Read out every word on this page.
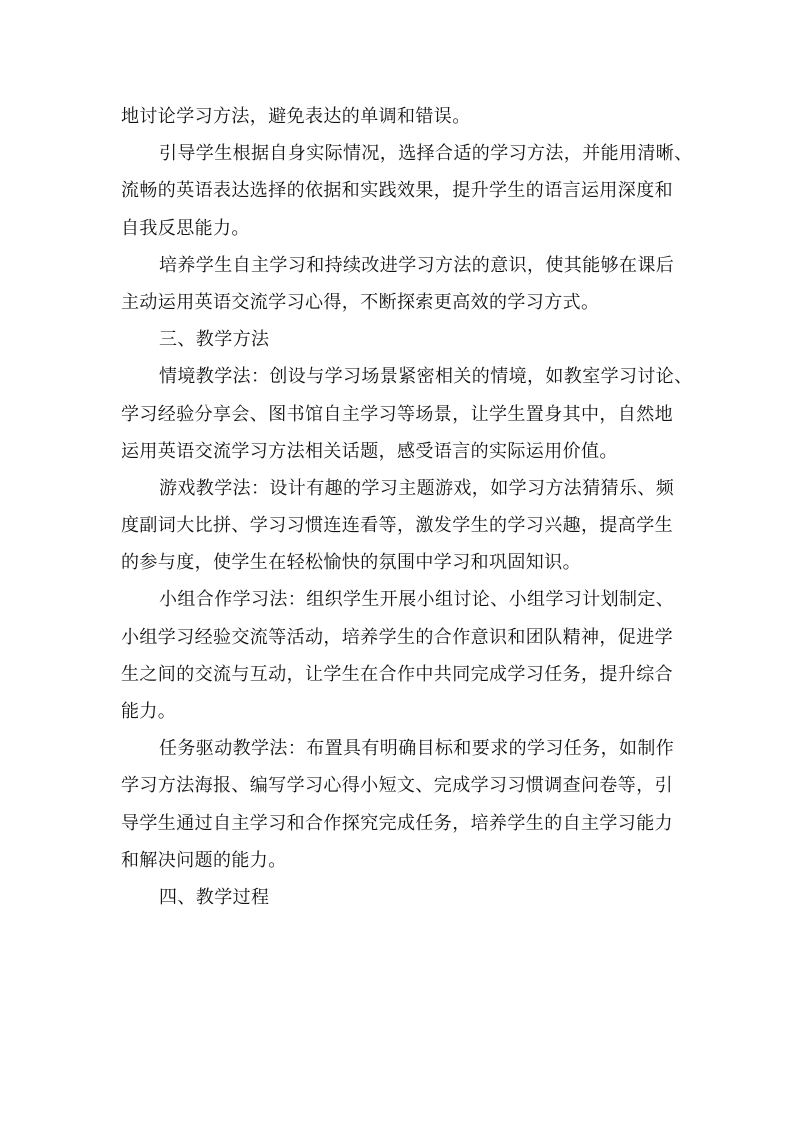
地讨论学习方法，避免表达的单调和错误。
引导学生根据自身实际情况，选择合适的学习方法，并能用清晰、
流畅的英语表达选择的依据和实践效果，提升学生的语言运用深度和
自我反思能力。
培养学生自主学习和持续改进学习方法的意识，使其能够在课后
主动运用英语交流学习心得，不断探索更高效的学习方式。
三、教学方法
情境教学法：创设与学习场景紧密相关的情境，如教室学习讨论、
学习经验分享会、图书馆自主学习等场景，让学生置身其中，自然地
运用英语交流学习方法相关话题，感受语言的实际运用价值。
游戏教学法：设计有趣的学习主题游戏，如学习方法猜猜乐、频
度副词大比拼、学习习惯连连看等，激发学生的学习兴趣，提高学生
的参与度，使学生在轻松愉快的氛围中学习和巩固知识。
小组合作学习法：组织学生开展小组讨论、小组学习计划制定、
小组学习经验交流等活动，培养学生的合作意识和团队精神，促进学
生之间的交流与互动，让学生在合作中共同完成学习任务，提升综合
能力。
任务驱动教学法：布置具有明确目标和要求的学习任务，如制作
学习方法海报、编写学习心得小短文、完成学习习惯调查问卷等，引
导学生通过自主学习和合作探究完成任务，培养学生的自主学习能力
和解决问题的能力。
四、教学过程
